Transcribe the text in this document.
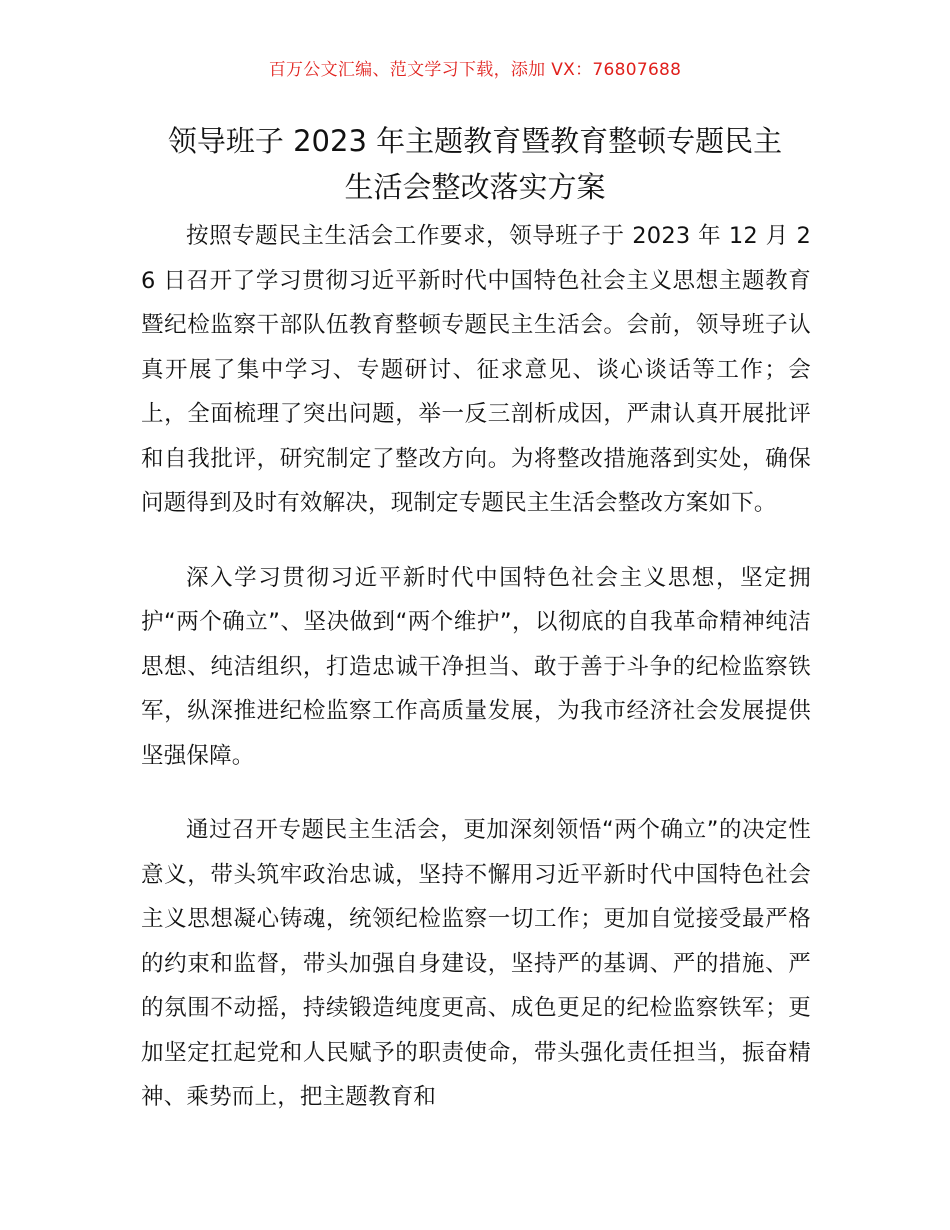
百万公文汇编、范文学习下载，添加 VX：76807688
领导班子 2023 年主题教育暨教育整顿专题民主
生活会整改落实方案

按照专题民主生活会工作要求，领导班子于 2023 年 12 月 26 日召开了学习贯彻习近平新时代中国特色社会主义思想主题教育暨纪检监察干部队伍教育整顿专题民主生活会。会前，领导班子认真开展了集中学习、专题研讨、征求意见、谈心谈话等工作；会上，全面梳理了突出问题，举一反三剖析成因，严肃认真开展批评和自我批评，研究制定了整改方向。为将整改措施落到实处，确保问题得到及时有效解决，现制定专题民主生活会整改方案如下。

深入学习贯彻习近平新时代中国特色社会主义思想，坚定拥护“两个确立”、坚决做到“两个维护”，以彻底的自我革命精神纯洁思想、纯洁组织，打造忠诚干净担当、敢于善于斗争的纪检监察铁军，纵深推进纪检监察工作高质量发展，为我市经济社会发展提供坚强保障。

通过召开专题民主生活会，更加深刻领悟“两个确立”的决定性意义，带头筑牢政治忠诚，坚持不懈用习近平新时代中国特色社会主义思想凝心铸魂，统领纪检监察一切工作；更加自觉接受最严格的约束和监督，带头加强自身建设，坚持严的基调、严的措施、严的氛围不动摇，持续锻造纯度更高、成色更足的纪检监察铁军；更加坚定扛起党和人民赋予的职责使命，带头强化责任担当，振奋精神、乘势而上，把主题教育和
